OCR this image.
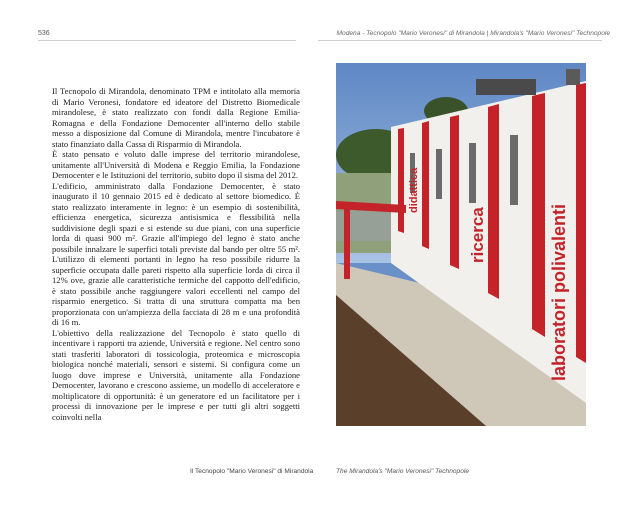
536	Modena - Tecnopolo "Mario Veronesi" di Mirandola | Mirandola's "Mario Veronesi" Technopole

Il Tecnopolo di Mirandola, denominato TPM e intitolato alla memoria di Mario Veronesi, fondatore ed ideatore del Distretto Biomedicale mirandolese, è stato realizzato con fondi dalla Regione Emilia-Romagna e della Fondazione Democenter all'interno dello stabile messo a disposizione dal Comune di Mirandola, mentre l'incubatore è stato finanziato dalla Cassa di Risparmio di Mirandola.

È stato pensato e voluto dalle imprese del territorio mirandolese, unitamente all'Università di Modena e Reggio Emilia, la Fondazione Democenter e le Istituzioni del territorio, subito dopo il sisma del 2012.

L'edificio, amministrato dalla Fondazione Democenter, è stato inaugurato il 10 gennaio 2015 ed è dedicato al settore biomedico. È stato realizzato interamente in legno: è un esempio di sostenibilità, efficienza energetica, sicurezza antisismica e flessibilità nella suddivisione degli spazi e si estende su due piani, con una superficie lorda di quasi 900 m². Grazie all'impiego del legno è stato anche possibile innalzare le superfici totali previste dal bando per oltre 55 m². L'utilizzo di elementi portanti in legno ha reso possibile ridurre la superficie occupata dalle pareti rispetto alla superficie lorda di circa il 12% ove, grazie alle caratteristiche termiche del cappotto dell'edificio, è stato possibile anche raggiungere valori eccellenti nel campo del risparmio energetico. Si tratta di una struttura compatta ma ben proporzionata con un'ampiezza della facciata di 28 m e una profondità di 16 m.

L'obiettivo della realizzazione del Tecnopolo è stato quello di incentivare i rapporti tra aziende, Università e regione. Nel centro sono stati trasferiti laboratori di tossicologia, proteomica e microscopia biologica nonché materiali, sensori e sistemi. Si configura come un luogo dove imprese e Università, unitamente alla Fondazione Democenter, lavorano e crescono assieme, un modello di acceleratore e moltiplicatore di opportunità: è un generatore ed un facilitatore per i processi di innovazione per le imprese e per tutti gli altri soggetti coinvolti nella

didattica
ricerca	laboratori polivalenti
Il Tecnopolo "Mario Veronesi" di Mirandola	The Mirandola's "Mario Veronesi" Technopole
